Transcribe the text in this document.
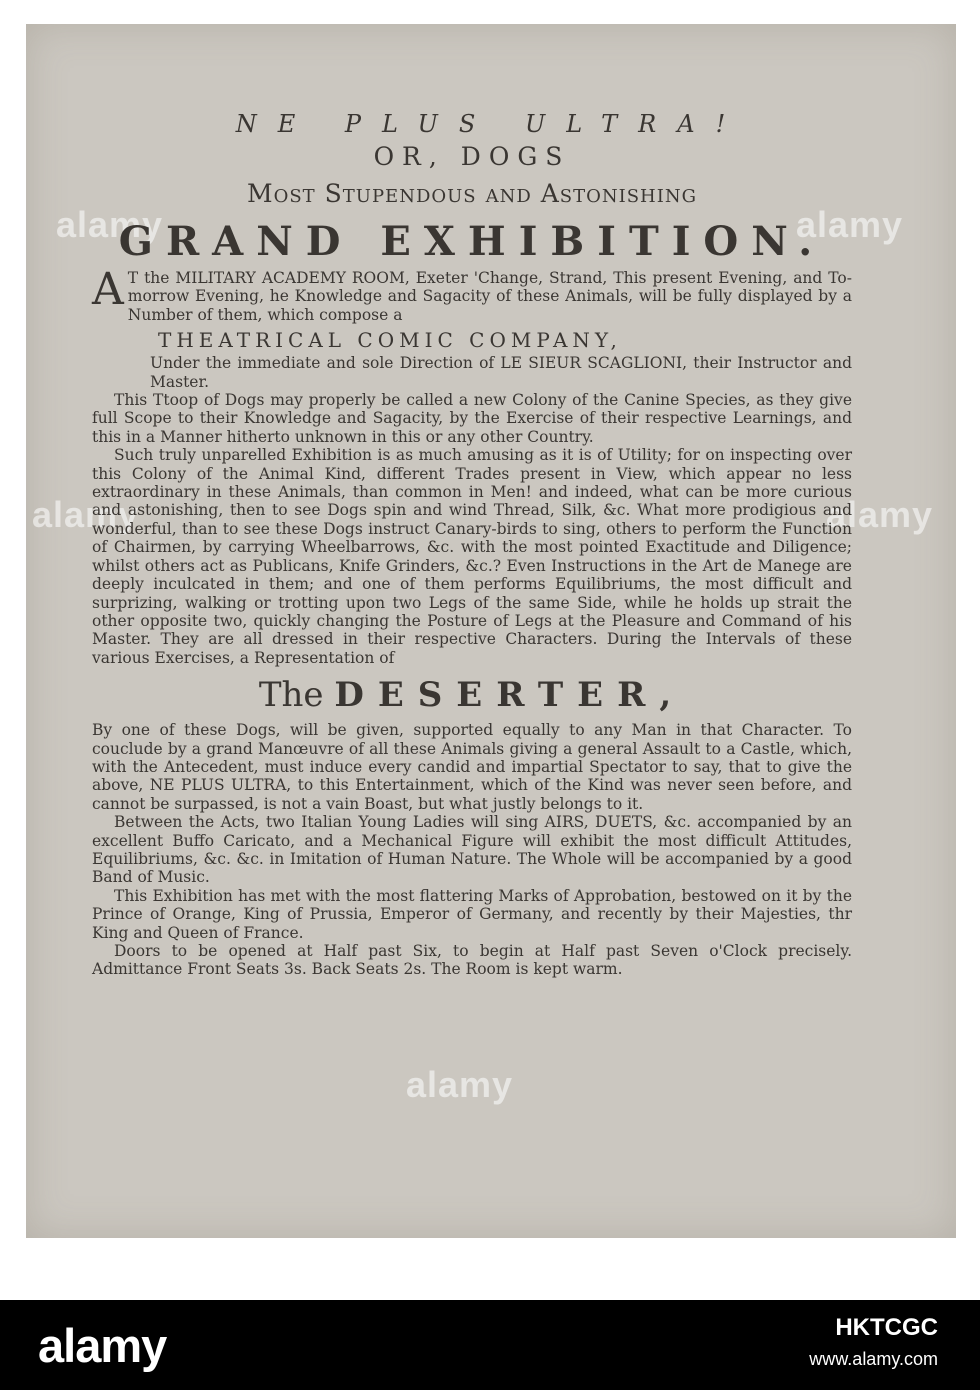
alamy	alamy
alamy	alamy
alamy
NE PLUS ULTRA!
OR, DOGS
Most Stupendous and Astonishing
GRAND EXHIBITION.

A T the MILITARY ACADEMY ROOM, Exeter 'Change, Strand, This present Evening, and To-morrow Evening, he Knowledge and Sagacity of these Animals, will be fully displayed by a Number of them, which compose a

THEATRICAL COMIC COMPANY,

Under the immediate and sole Direction of LE SIEUR SCAGLIONI, their Instructor and Master.

This Ttoop of Dogs may properly be called a new Colony of the Canine Species, as they give full Scope to their Knowledge and Sagacity, by the Exercise of their respective Learnings, and this in a Manner hitherto unknown in this or any other Country.

Such truly unparelled Exhibition is as much amusing as it is of Utility; for on inspecting over this Colony of the Animal Kind, different Trades present in View, which appear no less extraordinary in these Animals, than common in Men! and indeed, what can be more curious and astonishing, then to see Dogs spin and wind Thread, Silk, &c. What more prodigious and wonderful, than to see these Dogs instruct Canary-birds to sing, others to perform the Function of Chairmen, by carrying Wheelbarrows, &c. with the most pointed Exactitude and Diligence; whilst others act as Publicans, Knife Grinders, &c.? Even Instructions in the Art de Manege are deeply inculcated in them; and one of them performs Equilibriums, the most difficult and surprizing, walking or trotting upon two Legs of the same Side, while he holds up strait the other opposite two, quickly changing the Posture of Legs at the Pleasure and Command of his Master. They are all dressed in their respective Characters. During the Intervals of these various Exercises, a Representation of

The DESERTER,

By one of these Dogs, will be given, supported equally to any Man in that Character. To couclude by a grand Manœuvre of all these Animals giving a general Assault to a Castle, which, with the Antecedent, must induce every candid and impartial Spectator to say, that to give the above, NE PLUS ULTRA, to this Entertainment, which of the Kind was never seen before, and cannot be surpassed, is not a vain Boast, but what justly belongs to it.

Between the Acts, two Italian Young Ladies will sing AIRS, DUETS, &c. accompanied by an excellent Buffo Caricato, and a Mechanical Figure will exhibit the most difficult Attitudes, Equilibriums, &c. &c. in Imitation of Human Nature. The Whole will be accompanied by a good Band of Music.

This Exhibition has met with the most flattering Marks of Approbation, bestowed on it by the Prince of Orange, King of Prussia, Emperor of Germany, and recently by their Majesties, thr King and Queen of France.

Doors to be opened at Half past Six, to begin at Half past Seven o'Clock precisely. Admittance Front Seats 3s. Back Seats 2s. The Room is kept warm.

alamy	HKTCGC
www.alamy.com
